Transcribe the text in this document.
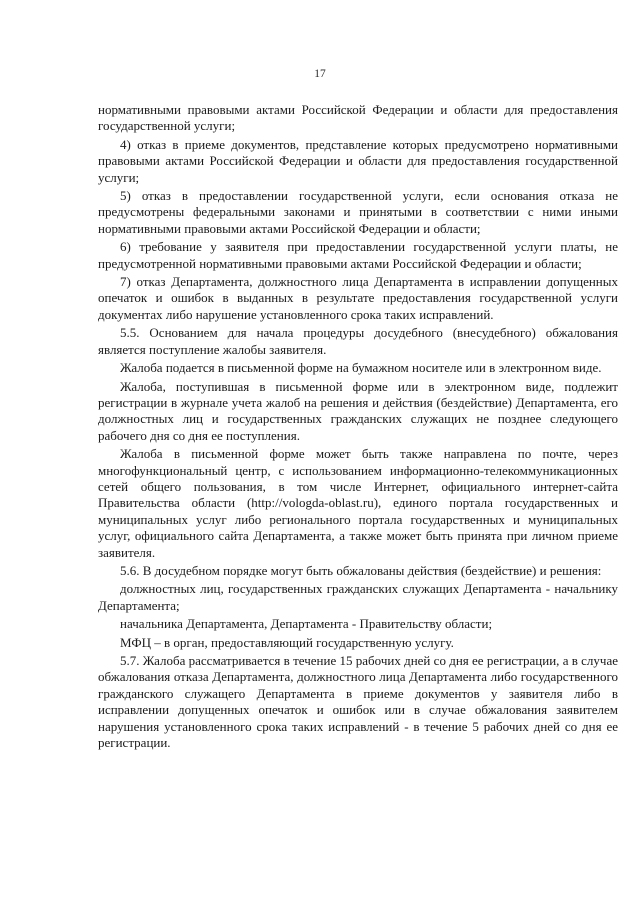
17

нормативными правовыми актами Российской Федерации и области для предоставления государственной услуги;

4) отказ в приеме документов, представление которых предусмотрено нормативными правовыми актами Российской Федерации и области для предоставления государственной услуги;

5) отказ в предоставлении государственной услуги, если основания отказа не предусмотрены федеральными законами и принятыми в соответствии с ними иными нормативными правовыми актами Российской Федерации и области;

6) требование у заявителя при предоставлении государственной услуги платы, не предусмотренной нормативными правовыми актами Российской Федерации и области;

7) отказ Департамента, должностного лица Департамента в исправлении допущенных опечаток и ошибок в выданных в результате предоставления государственной услуги документах либо нарушение установленного срока таких исправлений.

5.5. Основанием для начала процедуры досудебного (внесудебного) обжалования является поступление жалобы заявителя.

Жалоба подается в письменной форме на бумажном носителе или в электронном виде.

Жалоба, поступившая в письменной форме или в электронном виде, подлежит регистрации в журнале учета жалоб на решения и действия (бездействие) Департамента, его должностных лиц и государственных гражданских служащих не позднее следующего рабочего дня со дня ее поступления.

Жалоба в письменной форме может быть также направлена по почте, через многофункциональный центр, с использованием информационно-телекоммуникационных сетей общего пользования, в том числе Интернет, официального интернет-сайта Правительства области (http://vologda-oblast.ru), единого портала государственных и муниципальных услуг либо регионального портала государственных и муниципальных услуг, официального сайта Департамента, а также может быть принята при личном приеме заявителя.

5.6. В досудебном порядке могут быть обжалованы действия (бездействие) и решения:

должностных лиц, государственных гражданских служащих Департамента - начальнику Департамента;

начальника Департамента, Департамента - Правительству области;

МФЦ – в орган, предоставляющий государственную услугу.

5.7. Жалоба рассматривается в течение 15 рабочих дней со дня ее регистрации, а в случае обжалования отказа Департамента, должностного лица Департамента либо государственного гражданского служащего Департамента в приеме документов у заявителя либо в исправлении допущенных опечаток и ошибок или в случае обжалования заявителем нарушения установленного срока таких исправлений - в течение 5 рабочих дней со дня ее регистрации.
